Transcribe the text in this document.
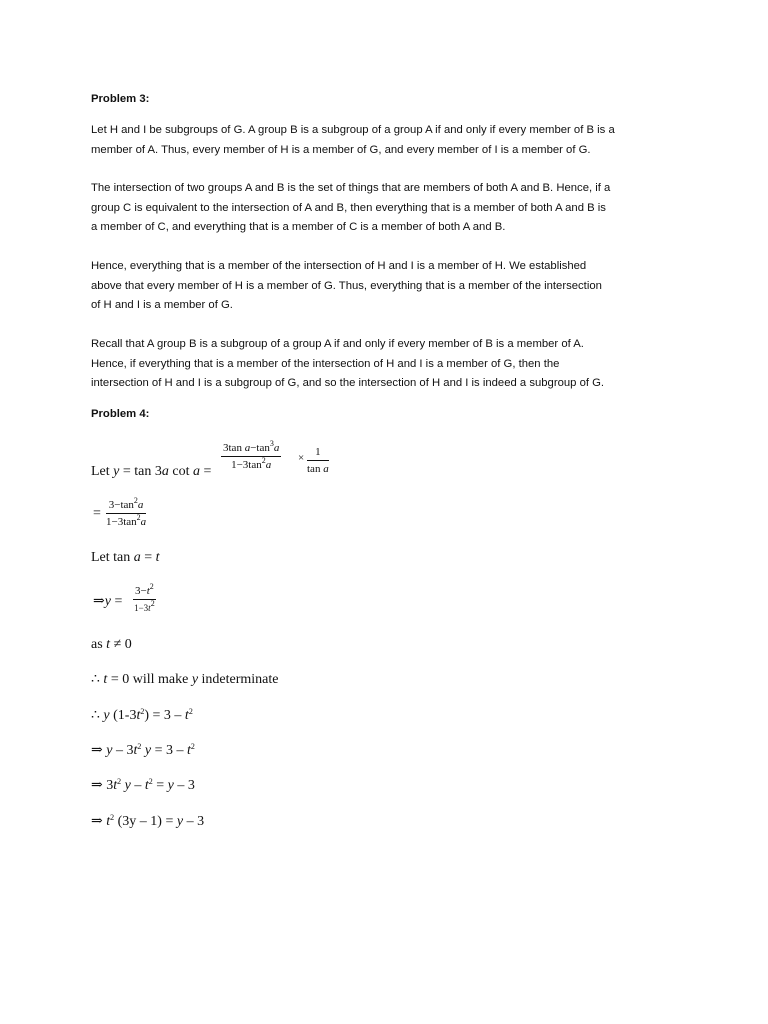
Problem 3:
Let H and I be subgroups of G. A group B is a subgroup of a group A if and only if every member of B is a
member of A. Thus, every member of H is a member of G, and every member of I is a member of G.
The intersection of two groups A and B is the set of things that are members of both A and B. Hence, if a
group C is equivalent to the intersection of A and B, then everything that is a member of both A and B is
a member of C, and everything that is a member of C is a member of both A and B.
Hence, everything that is a member of the intersection of H and I is a member of H. We established
above that every member of H is a member of G. Thus, everything that is a member of the intersection
of H and I is a member of G.
Recall that A group B is a subgroup of a group A if and only if every member of B is a member of A.
Hence, if everything that is a member of the intersection of H and I is a member of G, then the
intersection of H and I is a subgroup of G, and so the intersection of H and I is indeed a subgroup of G.
Problem 4:
Let y = tan 3a $\cot a = \frac{3\tan a-\tan^3a}{1-3\tan^2a} \times \frac{1}{\text{tan a}}$
= $\frac{3-\tan^2a}{1-3\tan^2a}$
Let tan a = t
⇒y =
$3-t^2$
$1-3t^2$
as t ≠ 0
∴ t = 0 will make y indeterminate
∴ y $(1-3t^2) = 3 - t^2$
⇒ y – $3t^2$ $y = 3 - t^2$
⇒ $3t^2$ $y - t^2 = y - 3$
⇒ $t^2$ (3y – 1) = y – 3
